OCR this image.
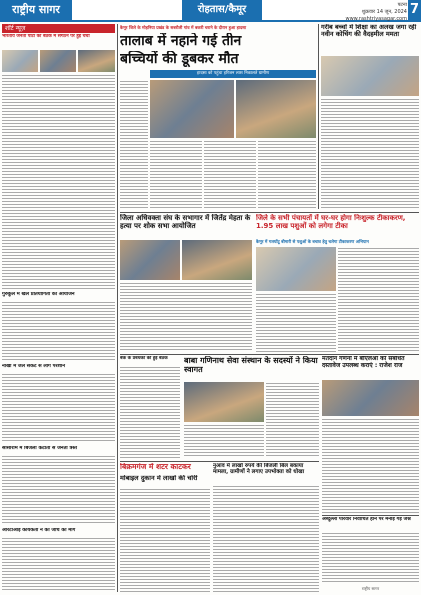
राष्ट्रीय सागर	रोहतास/कैमूर	पटना
शुक्रवार 14 जून, 2024
www.rashtriyasagar.com
7
शॉर्ट न्यूज़
भारतीय जनता पार्टी की बैठक में संगठन पर हुई चर्चा
गुरुकुल में खेल प्रतियोगिता का आयोजन
नोखा में जल संकट से लोग परेशान
सासाराम में बिजली कटौती से जनता त्रस्त
आरटीआई कार्यकर्ता ने की जांच की मांग
कैमूर जिले के मोहनिया प्रखंड के सबरौली गांव में बकरी चराने के दौरान हुआ हादसा
तालाब में नहाने गई तीन
बच्चियों की डूबकर मौत
हादसा को पहुंचा हरिजन लाश निकालते ग्रामीण
गरीब बच्चों में शिक्षा का अलख जगा रही नवीन कोचिंग की वैदहमील ममता
जिला अधिवक्ता संघ के सभागार में जितेंद्र मेहता के हत्या पर शोक सभा आयोजित
जिले के सभी पंचायतों में घर-घर होगा निःशुल्क टीकाकरण, 1.95 लाख पशुओं को लगेगा टीका
कैमूर में गलघोंटू बीमारी से पशुओं के बचाव हेतु चलेगा टीकाकरण अभियान
बैंक के प्रबंधकों की हुई बैठक	बाबा गणिनाथ सेवा संस्थान के सदस्यों ने किया स्वागत
मतदान गणना में बीएलओ को संबंधित दस्तावेज उपलब्ध कराएं : राजेश राज
बिक्रमगंज में शटर काटकर
मोबाइल दुकान में लाखों की चोरी
नुआंव में लाखों रुपये की बिजली बिल बकाया मामला, ग्रामीणों ने लगाए उपभोक्ता को धोखा
अब्दुल्ला परिवार निर्वाचित होने पर मनाई गई जश्न
राष्ट्रीय सागर
